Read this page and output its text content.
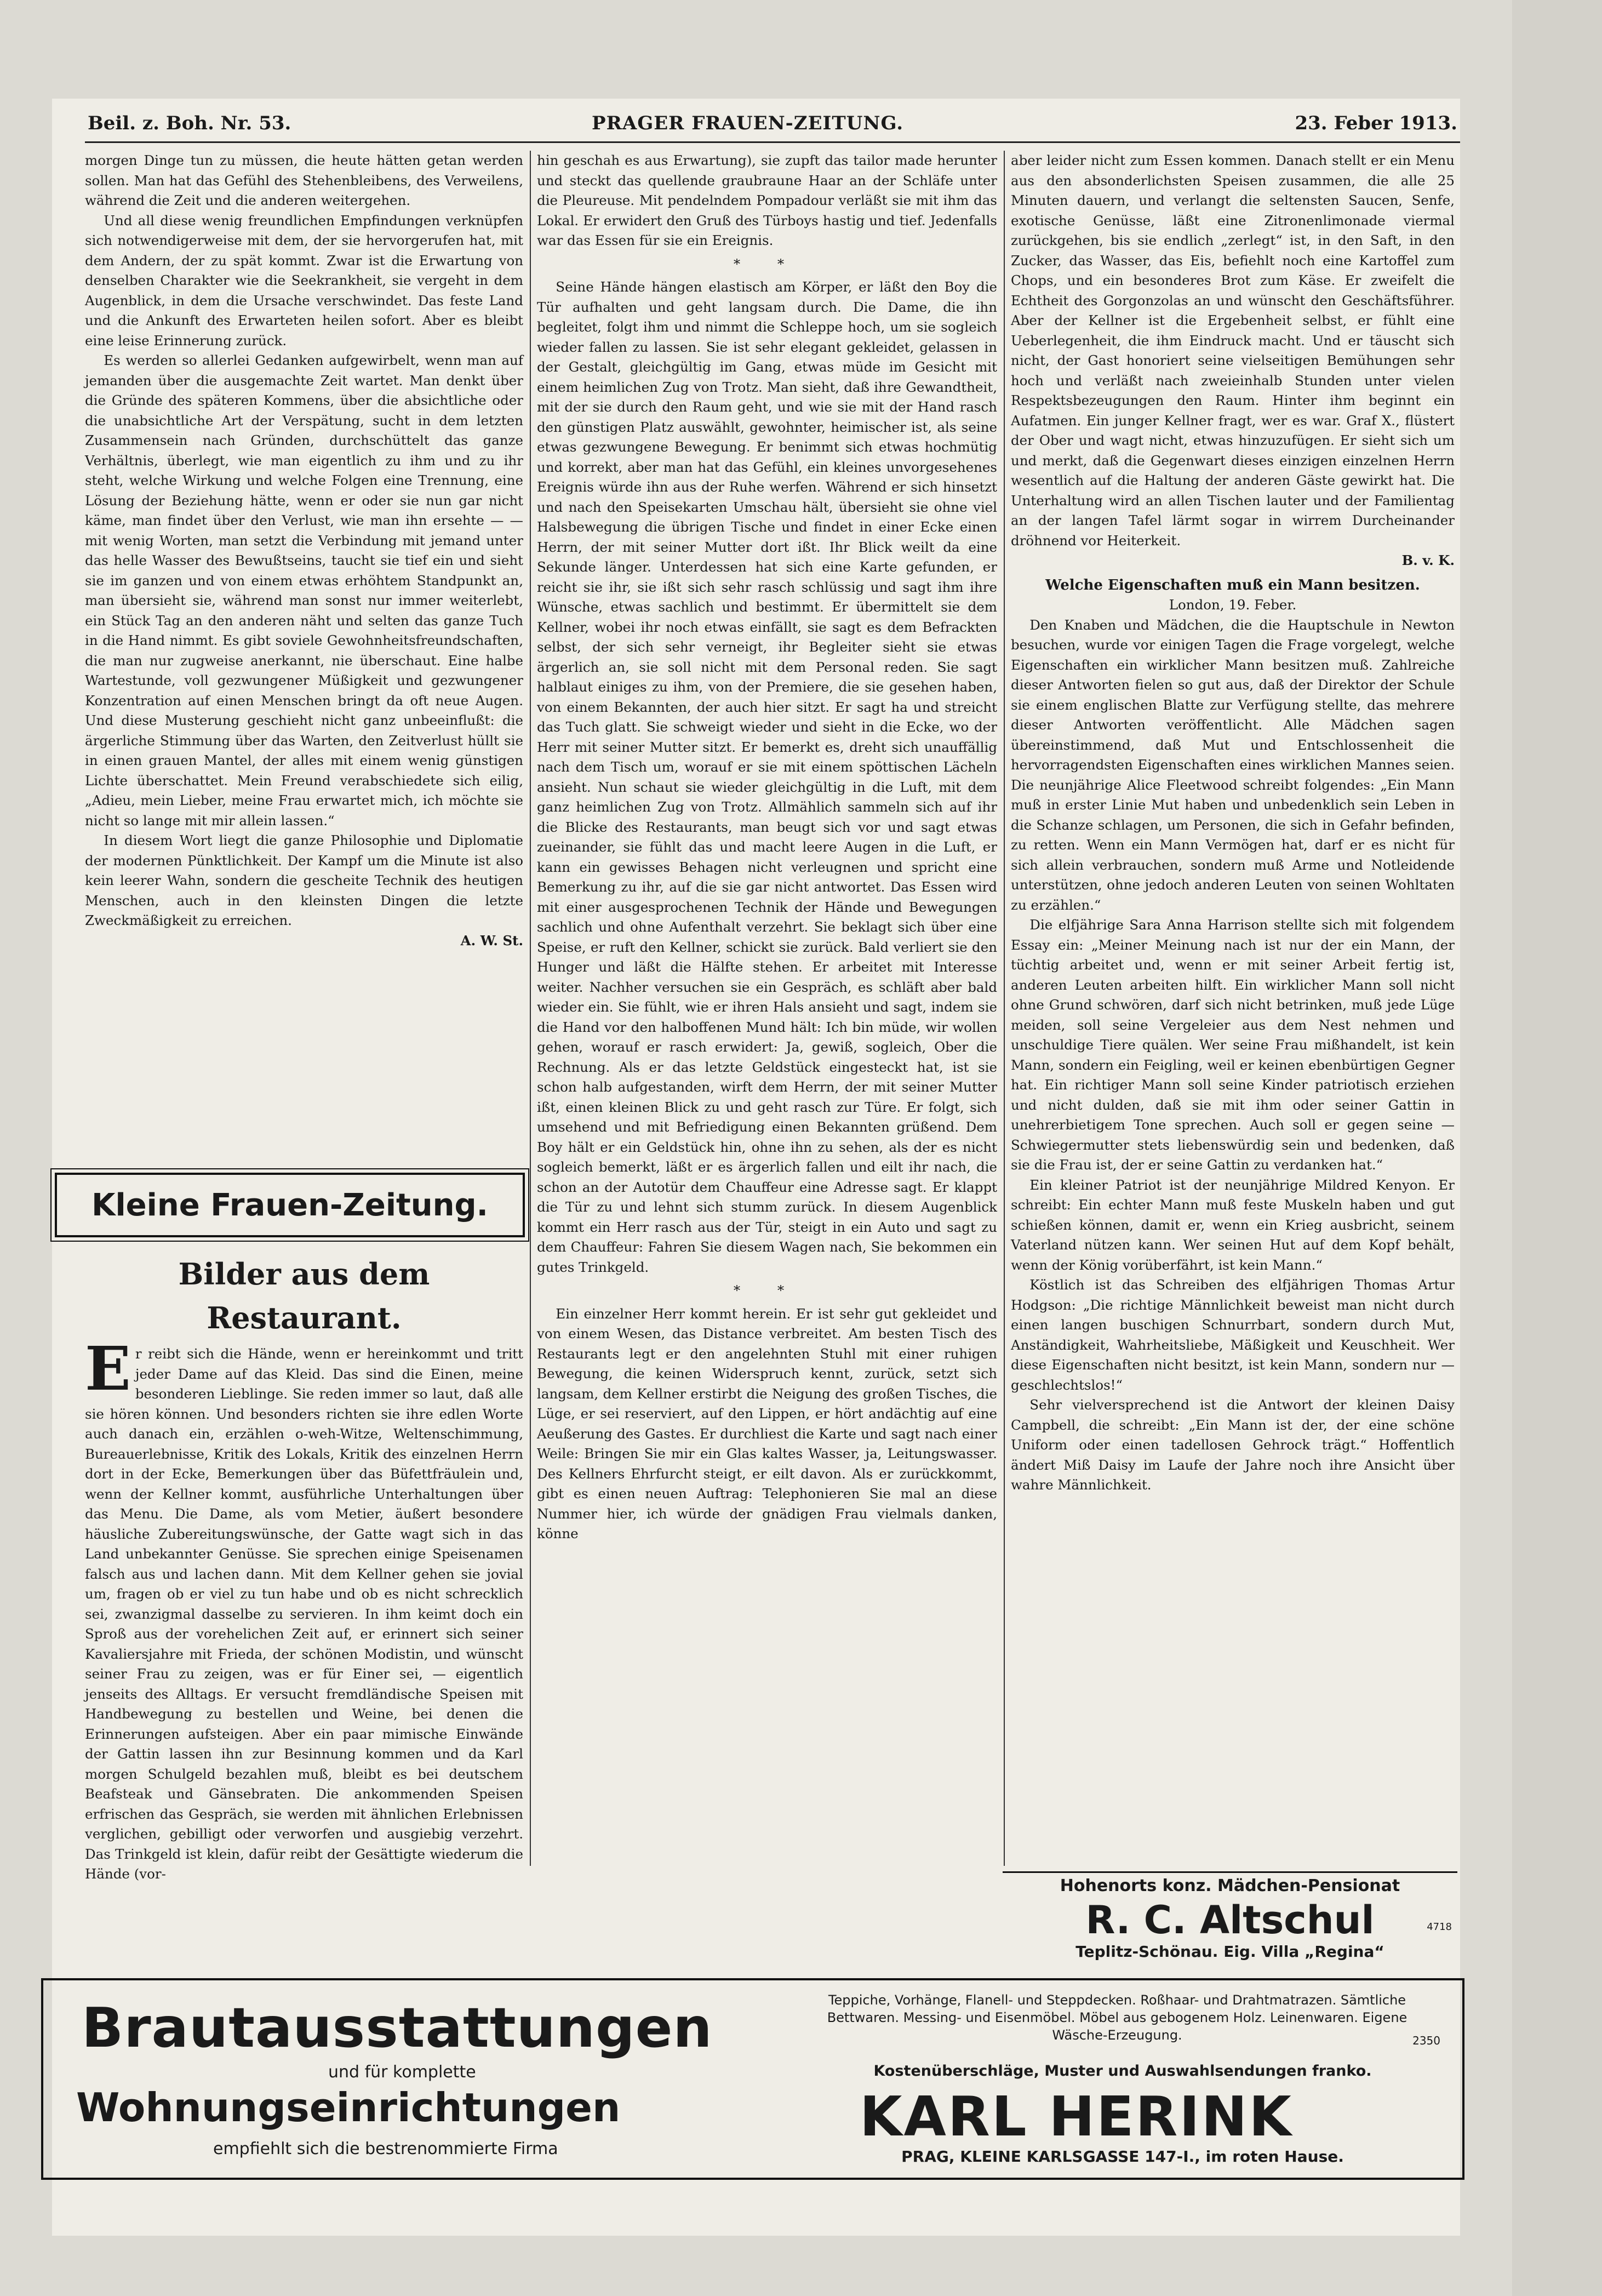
Beil. z. Boh. Nr. 53.	PRAGER FRAUEN-ZEITUNG.	23. Feber 1913.

morgen Dinge tun zu müssen, die heute hätten getan werden sollen. Man hat das Gefühl des Stehenbleibens, des Verweilens, während die Zeit und die anderen weitergehen.

Und all diese wenig freundlichen Empfindungen verknüpfen sich notwendigerweise mit dem, der sie hervorgerufen hat, mit dem Andern, der zu spät kommt. Zwar ist die Erwartung von denselben Charakter wie die Seekrankheit, sie vergeht in dem Augenblick, in dem die Ursache verschwindet. Das feste Land und die Ankunft des Erwarteten heilen sofort. Aber es bleibt eine leise Erinnerung zurück.

Es werden so allerlei Gedanken aufgewirbelt, wenn man auf jemanden über die ausgemachte Zeit wartet. Man denkt über die Gründe des späteren Kommens, über die absichtliche oder die unabsichtliche Art der Verspätung, sucht in dem letzten Zusammensein nach Gründen, durchschüttelt das ganze Verhältnis, überlegt, wie man eigentlich zu ihm und zu ihr steht, welche Wirkung und welche Folgen eine Trennung, eine Lösung der Beziehung hätte, wenn er oder sie nun gar nicht käme, man findet über den Verlust, wie man ihn ersehte — — mit wenig Worten, man setzt die Verbindung mit jemand unter das helle Wasser des Bewußtseins, taucht sie tief ein und sieht sie im ganzen und von einem etwas erhöhtem Standpunkt an, man übersieht sie, während man sonst nur immer weiterlebt, ein Stück Tag an den anderen näht und selten das ganze Tuch in die Hand nimmt. Es gibt soviele Gewohnheitsfreundschaften, die man nur zugweise anerkannt, nie überschaut. Eine halbe Wartestunde, voll gezwungener Müßigkeit und gezwungener Konzentration auf einen Menschen bringt da oft neue Augen. Und diese Musterung geschieht nicht ganz unbeeinflußt: die ärgerliche Stimmung über das Warten, den Zeitverlust hüllt sie in einen grauen Mantel, der alles mit einem wenig günstigen Lichte überschattet. Mein Freund verabschiedete sich eilig, „Adieu, mein Lieber, meine Frau erwartet mich, ich möchte sie nicht so lange mit mir allein lassen.“

In diesem Wort liegt die ganze Philosophie und Diplomatie der modernen Pünktlichkeit. Der Kampf um die Minute ist also kein leerer Wahn, sondern die gescheite Technik des heutigen Menschen, auch in den kleinsten Dingen die letzte Zweckmäßigkeit zu erreichen.

A. W. St.
Kleine Frauen-Zeitung.
Bilder aus dem Restaurant.

Er reibt sich die Hände, wenn er hereinkommt und tritt jeder Dame auf das Kleid. Das sind die Einen, meine besonderen Lieblinge. Sie reden immer so laut, daß alle sie hören können. Und besonders richten sie ihre edlen Worte auch danach ein, erzählen o-weh-Witze, Weltenschimmung, Bureauerlebnisse, Kritik des Lokals, Kritik des einzelnen Herrn dort in der Ecke, Bemerkungen über das Büfettfräulein und, wenn der Kellner kommt, ausführliche Unterhaltungen über das Menu. Die Dame, als vom Metier, äußert besondere häusliche Zubereitungswünsche, der Gatte wagt sich in das Land unbekannter Genüsse. Sie sprechen einige Speisenamen falsch aus und lachen dann. Mit dem Kellner gehen sie jovial um, fragen ob er viel zu tun habe und ob es nicht schrecklich sei, zwanzigmal dasselbe zu servieren. In ihm keimt doch ein Sproß aus der vorehelichen Zeit auf, er erinnert sich seiner Kavaliersjahre mit Frieda, der schönen Modistin, und wünscht seiner Frau zu zeigen, was er für Einer sei, — eigentlich jenseits des Alltags. Er versucht fremdländische Speisen mit Handbewegung zu bestellen und Weine, bei denen die Erinnerungen aufsteigen. Aber ein paar mimische Einwände der Gattin lassen ihn zur Besinnung kommen und da Karl morgen Schulgeld bezahlen muß, bleibt es bei deutschem Beafsteak und Gänsebraten. Die ankommenden Speisen erfrischen das Gespräch, sie werden mit ähnlichen Erlebnissen verglichen, gebilligt oder verworfen und ausgiebig verzehrt. Das Trinkgeld ist klein, dafür reibt der Gesättigte wiederum die Hände (vor-

hin geschah es aus Erwartung), sie zupft das tailor made herunter und steckt das quellende graubraune Haar an der Schläfe unter die Pleureuse. Mit pendelndem Pompadour verläßt sie mit ihm das Lokal. Er erwidert den Gruß des Türboys hastig und tief. Jedenfalls war das Essen für sie ein Ereignis.

* *

Seine Hände hängen elastisch am Körper, er läßt den Boy die Tür aufhalten und geht langsam durch. Die Dame, die ihn begleitet, folgt ihm und nimmt die Schleppe hoch, um sie sogleich wieder fallen zu lassen. Sie ist sehr elegant gekleidet, gelassen in der Gestalt, gleichgültig im Gang, etwas müde im Gesicht mit einem heimlichen Zug von Trotz. Man sieht, daß ihre Gewandtheit, mit der sie durch den Raum geht, und wie sie mit der Hand rasch den günstigen Platz auswählt, gewohnter, heimischer ist, als seine etwas gezwungene Bewegung. Er benimmt sich etwas hochmütig und korrekt, aber man hat das Gefühl, ein kleines unvorgesehenes Ereignis würde ihn aus der Ruhe werfen. Während er sich hinsetzt und nach den Speisekarten Umschau hält, übersieht sie ohne viel Halsbewegung die übrigen Tische und findet in einer Ecke einen Herrn, der mit seiner Mutter dort ißt. Ihr Blick weilt da eine Sekunde länger. Unterdessen hat sich eine Karte gefunden, er reicht sie ihr, sie ißt sich sehr rasch schlüssig und sagt ihm ihre Wünsche, etwas sachlich und bestimmt. Er übermittelt sie dem Kellner, wobei ihr noch etwas einfällt, sie sagt es dem Befrackten selbst, der sich sehr verneigt, ihr Begleiter sieht sie etwas ärgerlich an, sie soll nicht mit dem Personal reden. Sie sagt halblaut einiges zu ihm, von der Premiere, die sie gesehen haben, von einem Bekannten, der auch hier sitzt. Er sagt ha und streicht das Tuch glatt. Sie schweigt wieder und sieht in die Ecke, wo der Herr mit seiner Mutter sitzt. Er bemerkt es, dreht sich unauffällig nach dem Tisch um, worauf er sie mit einem spöttischen Lächeln ansieht. Nun schaut sie wieder gleichgültig in die Luft, mit dem ganz heimlichen Zug von Trotz. Allmählich sammeln sich auf ihr die Blicke des Restaurants, man beugt sich vor und sagt etwas zueinander, sie fühlt das und macht leere Augen in die Luft, er kann ein gewisses Behagen nicht verleugnen und spricht eine Bemerkung zu ihr, auf die sie gar nicht antwortet. Das Essen wird mit einer ausgesprochenen Technik der Hände und Bewegungen sachlich und ohne Aufenthalt verzehrt. Sie beklagt sich über eine Speise, er ruft den Kellner, schickt sie zurück. Bald verliert sie den Hunger und läßt die Hälfte stehen. Er arbeitet mit Interesse weiter. Nachher versuchen sie ein Gespräch, es schläft aber bald wieder ein. Sie fühlt, wie er ihren Hals ansieht und sagt, indem sie die Hand vor den halboffenen Mund hält: Ich bin müde, wir wollen gehen, worauf er rasch erwidert: Ja, gewiß, sogleich, Ober die Rechnung. Als er das letzte Geldstück eingesteckt hat, ist sie schon halb aufgestanden, wirft dem Herrn, der mit seiner Mutter ißt, einen kleinen Blick zu und geht rasch zur Türe. Er folgt, sich umsehend und mit Befriedigung einen Bekannten grüßend. Dem Boy hält er ein Geldstück hin, ohne ihn zu sehen, als der es nicht sogleich bemerkt, läßt er es ärgerlich fallen und eilt ihr nach, die schon an der Autotür dem Chauffeur eine Adresse sagt. Er klappt die Tür zu und lehnt sich stumm zurück. In diesem Augenblick kommt ein Herr rasch aus der Tür, steigt in ein Auto und sagt zu dem Chauffeur: Fahren Sie diesem Wagen nach, Sie bekommen ein gutes Trinkgeld.

* *

Ein einzelner Herr kommt herein. Er ist sehr gut gekleidet und von einem Wesen, das Distance verbreitet. Am besten Tisch des Restaurants legt er den angelehnten Stuhl mit einer ruhigen Bewegung, die keinen Widerspruch kennt, zurück, setzt sich langsam, dem Kellner erstirbt die Neigung des großen Tisches, die Lüge, er sei reserviert, auf den Lippen, er hört andächtig auf eine Aeußerung des Gastes. Er durchliest die Karte und sagt nach einer Weile: Bringen Sie mir ein Glas kaltes Wasser, ja, Leitungswasser. Des Kellners Ehrfurcht steigt, er eilt davon. Als er zurückkommt, gibt es einen neuen Auftrag: Telephonieren Sie mal an diese Nummer hier, ich würde der gnädigen Frau vielmals danken, könne

aber leider nicht zum Essen kommen. Danach stellt er ein Menu aus den absonderlichsten Speisen zusammen, die alle 25 Minuten dauern, und verlangt die seltensten Saucen, Senfe, exotische Genüsse, läßt eine Zitronenlimonade viermal zurückgehen, bis sie endlich „zerlegt“ ist, in den Saft, in den Zucker, das Wasser, das Eis, befiehlt noch eine Kartoffel zum Chops, und ein besonderes Brot zum Käse. Er zweifelt die Echtheit des Gorgonzolas an und wünscht den Geschäftsführer. Aber der Kellner ist die Ergebenheit selbst, er fühlt eine Ueberlegenheit, die ihm Eindruck macht. Und er täuscht sich nicht, der Gast honoriert seine vielseitigen Bemühungen sehr hoch und verläßt nach zweieinhalb Stunden unter vielen Respektsbezeugungen den Raum. Hinter ihm beginnt ein Aufatmen. Ein junger Kellner fragt, wer es war. Graf X., flüstert der Ober und wagt nicht, etwas hinzuzufügen. Er sieht sich um und merkt, daß die Gegenwart dieses einzigen einzelnen Herrn wesentlich auf die Haltung der anderen Gäste gewirkt hat. Die Unterhaltung wird an allen Tischen lauter und der Familientag an der langen Tafel lärmt sogar in wirrem Durcheinander dröhnend vor Heiterkeit.

B. v. K.
Welche Eigenschaften muß ein Mann besitzen.
London, 19. Feber.

Den Knaben und Mädchen, die die Hauptschule in Newton besuchen, wurde vor einigen Tagen die Frage vorgelegt, welche Eigenschaften ein wirklicher Mann besitzen muß. Zahlreiche dieser Antworten fielen so gut aus, daß der Direktor der Schule sie einem englischen Blatte zur Verfügung stellte, das mehrere dieser Antworten veröffentlicht. Alle Mädchen sagen übereinstimmend, daß Mut und Entschlossenheit die hervorragendsten Eigenschaften eines wirklichen Mannes seien. Die neunjährige Alice Fleetwood schreibt folgendes: „Ein Mann muß in erster Linie Mut haben und unbedenklich sein Leben in die Schanze schlagen, um Personen, die sich in Gefahr befinden, zu retten. Wenn ein Mann Vermögen hat, darf er es nicht für sich allein verbrauchen, sondern muß Arme und Notleidende unterstützen, ohne jedoch anderen Leuten von seinen Wohltaten zu erzählen.“

Die elfjährige Sara Anna Harrison stellte sich mit folgendem Essay ein: „Meiner Meinung nach ist nur der ein Mann, der tüchtig arbeitet und, wenn er mit seiner Arbeit fertig ist, anderen Leuten arbeiten hilft. Ein wirklicher Mann soll nicht ohne Grund schwören, darf sich nicht betrinken, muß jede Lüge meiden, soll seine Vergeleier aus dem Nest nehmen und unschuldige Tiere quälen. Wer seine Frau mißhandelt, ist kein Mann, sondern ein Feigling, weil er keinen ebenbürtigen Gegner hat. Ein richtiger Mann soll seine Kinder patriotisch erziehen und nicht dulden, daß sie mit ihm oder seiner Gattin in unehrerbietigem Tone sprechen. Auch soll er gegen seine — Schwiegermutter stets liebenswürdig sein und bedenken, daß sie die Frau ist, der er seine Gattin zu verdanken hat.“

Ein kleiner Patriot ist der neunjährige Mildred Kenyon. Er schreibt: Ein echter Mann muß feste Muskeln haben und gut schießen können, damit er, wenn ein Krieg ausbricht, seinem Vaterland nützen kann. Wer seinen Hut auf dem Kopf behält, wenn der König vorüberfährt, ist kein Mann.“

Köstlich ist das Schreiben des elfjährigen Thomas Artur Hodgson: „Die richtige Männlichkeit beweist man nicht durch einen langen buschigen Schnurrbart, sondern durch Mut, Anständigkeit, Wahrheitsliebe, Mäßigkeit und Keuschheit. Wer diese Eigenschaften nicht besitzt, ist kein Mann, sondern nur — geschlechtslos!“

Sehr vielversprechend ist die Antwort der kleinen Daisy Campbell, die schreibt: „Ein Mann ist der, der eine schöne Uniform oder einen tadellosen Gehrock trägt.“ Hoffentlich ändert Miß Daisy im Laufe der Jahre noch ihre Ansicht über wahre Männlichkeit.

Hohenorts konz. Mädchen-Pensionat
R. C. Altschul	4718
Teplitz-Schönau. Eig. Villa „Regina“
Brautausstattungen
und für komplette
Wohnungseinrichtungen
empfiehlt sich die bestrenommierte Firma
Teppiche, Vorhänge, Flanell- und Steppdecken. Roßhaar- und Drahtmatrazen. Sämtliche Bettwaren. Messing- und Eisenmöbel. Möbel aus gebogenem Holz. Leinenwaren. Eigene Wäsche-Erzeugung.	2350
Kostenüberschläge, Muster und Auswahlsendungen franko.
KARL HERINK
PRAG, KLEINE KARLSGASSE 147-I., im roten Hause.
